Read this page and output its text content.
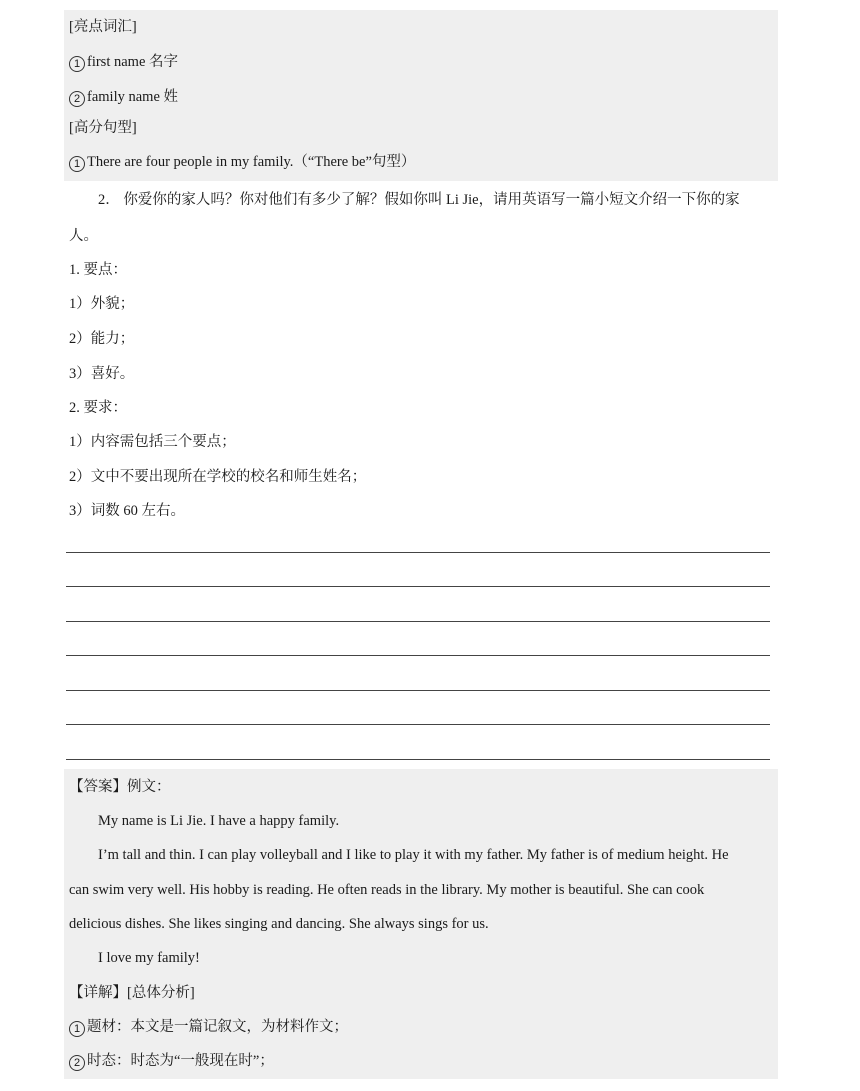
[亮点词汇]
1 first name 名字
2 family name 姓
[高分句型]
1 There are four people in my family.（“There be”句型）
2． 你爱你的家人吗？你对他们有多少了解？假如你叫 Li Jie，请用英语写一篇小短文介绍一下你的家
人。
1. 要点：
1）外貌；
2）能力；
3）喜好。
2. 要求：
1）内容需包括三个要点；
2）文中不要出现所在学校的校名和师生姓名；
3）词数 60 左右。
【答案】例文：
My name is Li Jie. I have a happy family.
I’m tall and thin. I can play volleyball and I like to play it with my father. My father is of medium height. He
can swim very well. His hobby is reading. He often reads in the library. My mother is beautiful. She can cook
delicious dishes. She likes singing and dancing. She always sings for us.
I love my family!
【详解】[总体分析]
1 题材：本文是一篇记叙文，为材料作文；
2 时态：时态为“一般现在时”；
